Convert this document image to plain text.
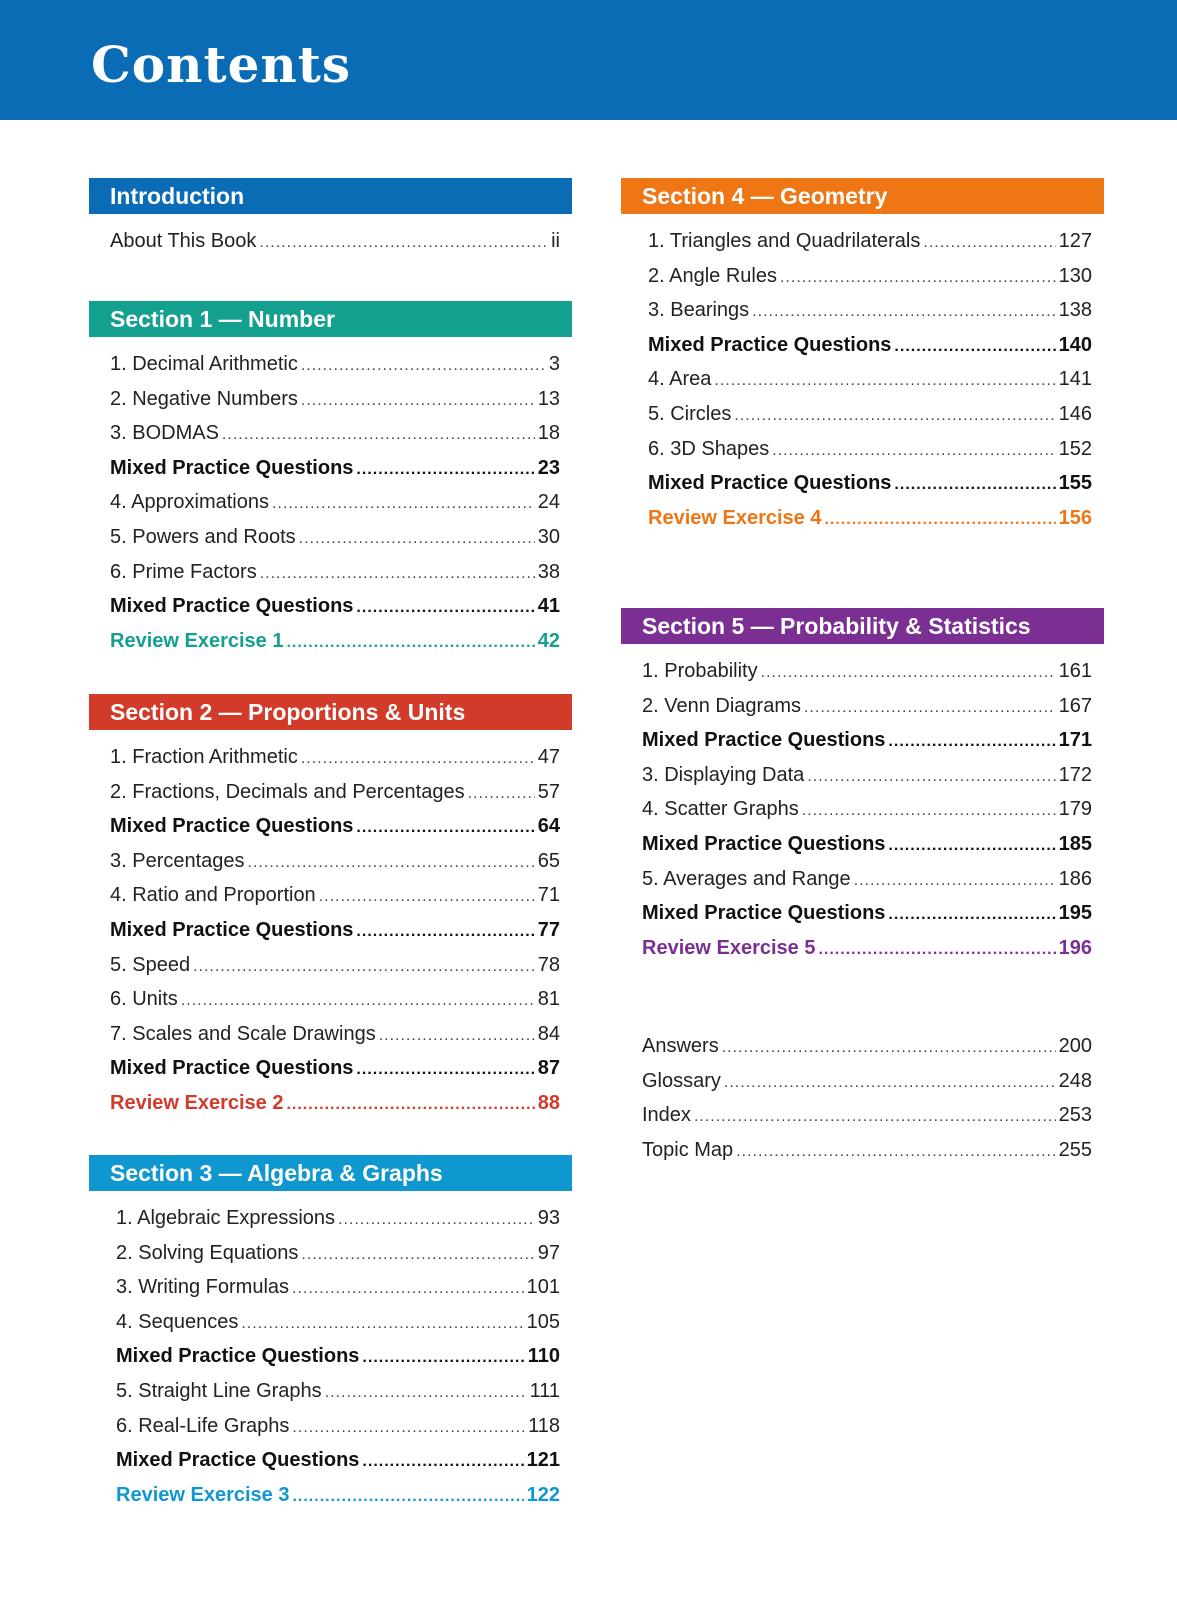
Contents
Introduction
About This Book .....	ii
Section 1 — Number
1. Decimal Arithmetic .....	3
2. Negative Numbers .....	13
3. BODMAS .....	18
Mixed Practice Questions .....	23
4. Approximations .....	24
5. Powers and Roots .....	30
6. Prime Factors .....	38
Mixed Practice Questions .....	41
Review Exercise 1 .....	42
Section 2 — Proportions & Units
1. Fraction Arithmetic .....	47
2. Fractions, Decimals and Percentages .....	57
Mixed Practice Questions .....	64
3. Percentages .....	65
4. Ratio and Proportion .....	71
Mixed Practice Questions .....	77
5. Speed .....	78
6. Units .....	81
7. Scales and Scale Drawings .....	84
Mixed Practice Questions .....	87
Review Exercise 2 .....	88
Section 3 — Algebra & Graphs
1. Algebraic Expressions .....	93
2. Solving Equations .....	97
3. Writing Formulas .....	101
4. Sequences .....	105
Mixed Practice Questions .....	110
5. Straight Line Graphs .....	111
6. Real-Life Graphs .....	118
Mixed Practice Questions .....	121
Review Exercise 3 .....	122
Section 4 — Geometry
1. Triangles and Quadrilaterals .....	127
2. Angle Rules .....	130
3. Bearings .....	138
Mixed Practice Questions .....	140
4. Area .....	141
5. Circles .....	146
6. 3D Shapes .....	152
Mixed Practice Questions .....	155
Review Exercise 4 .....	156
Section 5 — Probability & Statistics
1. Probability .....	161
2. Venn Diagrams .....	167
Mixed Practice Questions .....	171
3. Displaying Data .....	172
4. Scatter Graphs .....	179
Mixed Practice Questions .....	185
5. Averages and Range .....	186
Mixed Practice Questions .....	195
Review Exercise 5 .....	196
Answers .....	200
Glossary .....	248
Index .....	253
Topic Map .....	255
